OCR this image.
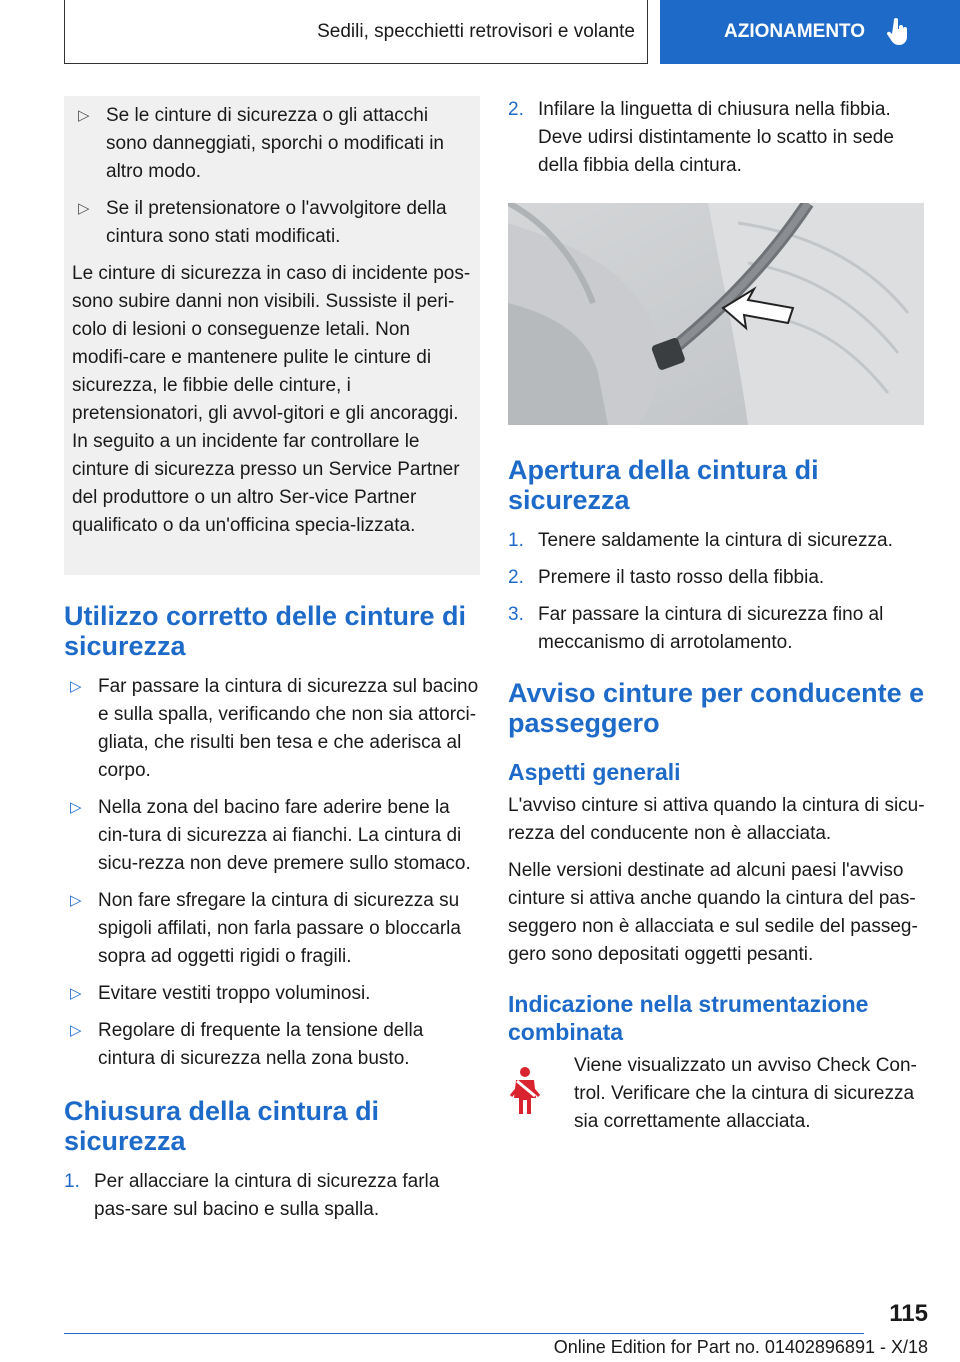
Sedili, specchietti retrovisori e volante	AZIONAMENTO
▷ Se le cinture di sicurezza o gli attacchi sono danneggiati, sporchi o modificati in altro modo.
▷ Se il pretensionatore o l'avvolgitore della cintura sono stati modificati.
Le cinture di sicurezza in caso di incidente pos-sono subire danni non visibili. Sussiste il peri-colo di lesioni o conseguenze letali. Non modifi-care e mantenere pulite le cinture di sicurezza, le fibbie delle cinture, i pretensionatori, gli avvol-gitori e gli ancoraggi. In seguito a un incidente far controllare le cinture di sicurezza presso un Service Partner del produttore o un altro Ser-vice Partner qualificato o da un'officina specia-lizzata.
Utilizzo corretto delle cinture di sicurezza
▷ Far passare la cintura di sicurezza sul bacino e sulla spalla, verificando che non sia attorci-gliata, che risulti ben tesa e che aderisca al corpo.
▷ Nella zona del bacino fare aderire bene la cin-tura di sicurezza ai fianchi. La cintura di sicu-rezza non deve premere sullo stomaco.
▷ Non fare sfregare la cintura di sicurezza su spigoli affilati, non farla passare o bloccarla sopra ad oggetti rigidi o fragili.
▷ Evitare vestiti troppo voluminosi.
▷ Regolare di frequente la tensione della cintura di sicurezza nella zona busto.
Chiusura della cintura di sicurezza
1. Per allacciare la cintura di sicurezza farla pas-sare sul bacino e sulla spalla.
2. Infilare la linguetta di chiusura nella fibbia. Deve udirsi distintamente lo scatto in sede della fibbia della cintura.
Apertura della cintura di sicurezza
1. Tenere saldamente la cintura di sicurezza.
2. Premere il tasto rosso della fibbia.
3. Far passare la cintura di sicurezza fino al meccanismo di arrotolamento.
Avviso cinture per conducente e passeggero
Aspetti generali
L'avviso cinture si attiva quando la cintura di sicu-rezza del conducente non è allacciata.
Nelle versioni destinate ad alcuni paesi l'avviso cinture si attiva anche quando la cintura del pas-seggero non è allacciata e sul sedile del passeg-gero sono depositati oggetti pesanti.
Indicazione nella strumentazione combinata
Viene visualizzato un avviso Check Con-trol. Verificare che la cintura di sicurezza sia correttamente allacciata.
115
Online Edition for Part no. 01402896891 - X/18
